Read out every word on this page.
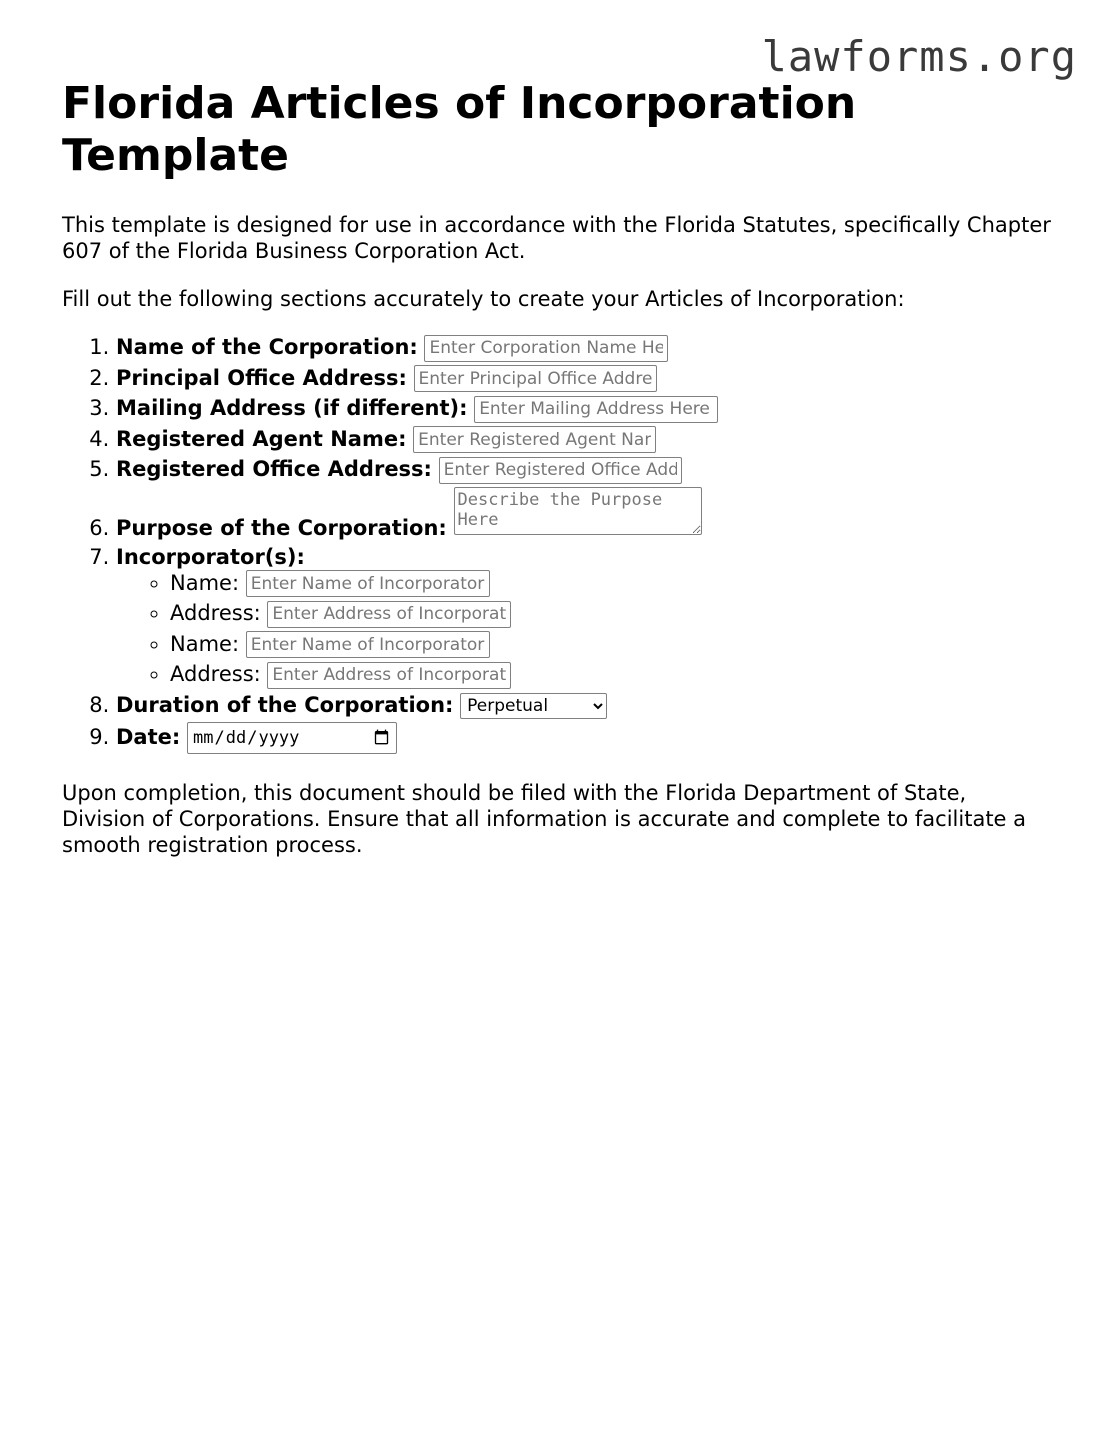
lawforms.org
Florida Articles of Incorporation Template

This template is designed for use in accordance with the Florida Statutes, specifically Chapter 607 of the Florida Business Corporation Act.

Fill out the following sections accurately to create your Articles of Incorporation:

1. Name of the Corporation: Enter Corporation Name Here
2. Principal Office Address: Enter Principal Office Address Here
3. Mailing Address (if different): Enter Mailing Address Here
4. Registered Agent Name: Enter Registered Agent Name Here
5. Registered Office Address: Enter Registered Office Address Here
6. Purpose of the Corporation: Describe the Purpose Here
7. Incorporator(s):
◦ Name: Enter Name of Incorporator
◦ Address: Enter Address of Incorporator
◦ Name: Enter Name of Incorporator
◦ Address: Enter Address of Incorporator
8. Duration of the Corporation:
Perpetual
9. Date:

Upon completion, this document should be filed with the Florida Department of State, Division of Corporations. Ensure that all information is accurate and complete to facilitate a smooth registration process.
